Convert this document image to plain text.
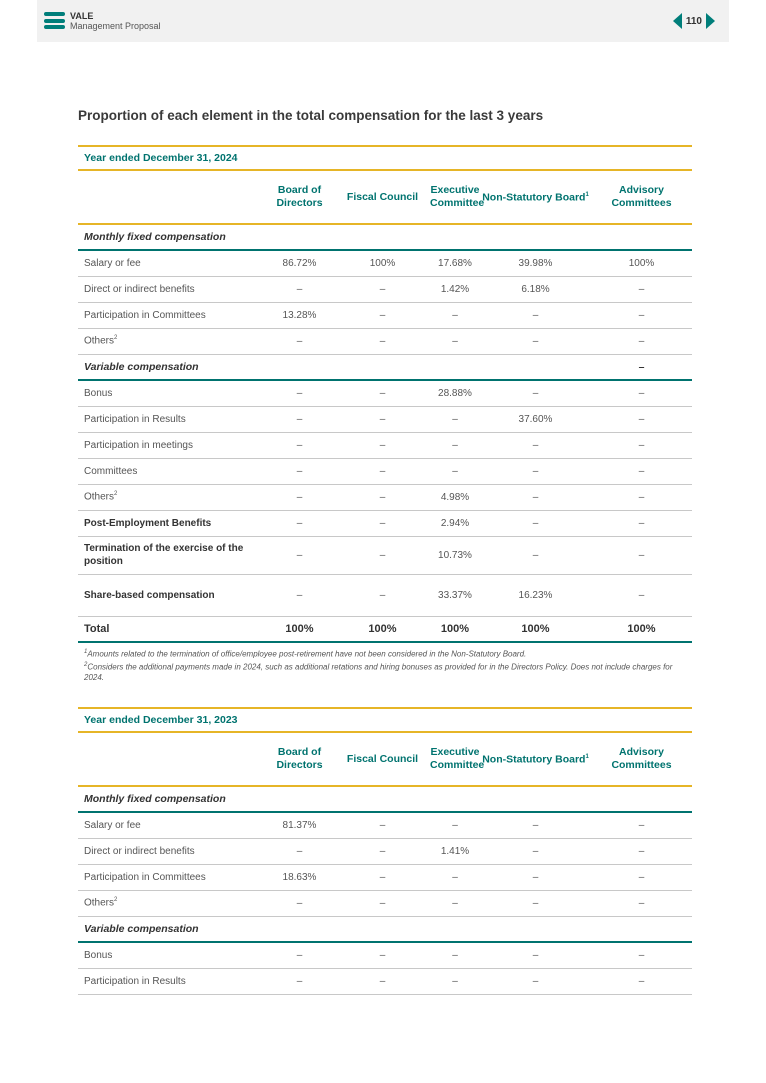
VALE
Management Proposal	110
Proportion of each element in the total compensation for the last 3 years
Year ended December 31, 2024
	Board of Directors	Fiscal Council	Executive Committee	Non-Statutory Board$^1$	Advisory Committees
Monthly fixed compensation					
Salary or fee	86.72%	100%	17.68%	39.98%	100%
Direct or indirect benefits	–	–	1.42%	6.18%	–
Participation in Committees	13.28%	–	–	–	–
Others$^2$	–	–	–	–	–
Variable compensation					–
Bonus	–	–	28.88%	–	–
Participation in Results	–	–	–	37.60%	–
Participation in meetings	–	–	–	–	–
Committees	–	–	–	–	–
Others$^2$	–	–	4.98%	–	–
Post-Employment Benefits	–	–	2.94%	–	–
Termination of the exercise of the position	–	–	10.73%	–	–
Share-based compensation	–	–	33.37%	16.23%	–
Total	100%	100%	100%	100%	100%
$^1$Amounts related to the termination of office/employee post-retirement have not been considered in the Non-Statutory Board.
$^2$Considers the additional payments made in 2024, such as additional retations and hiring bonuses as provided for in the Directors Policy. Does not include charges for 2024.
Year ended December 31, 2023
	Board of Directors	Fiscal Council	Executive Committee	Non-Statutory Board$^1$	Advisory Committees
Monthly fixed compensation					
Salary or fee	81.37%	–	–	–	–
Direct or indirect benefits	–	–	1.41%	–	–
Participation in Committees	18.63%	–	–	–	–
Others$^2$	–	–	–	–	–
Variable compensation					
Bonus	–	–	–	–	–
Participation in Results	–	–	–	–	–
